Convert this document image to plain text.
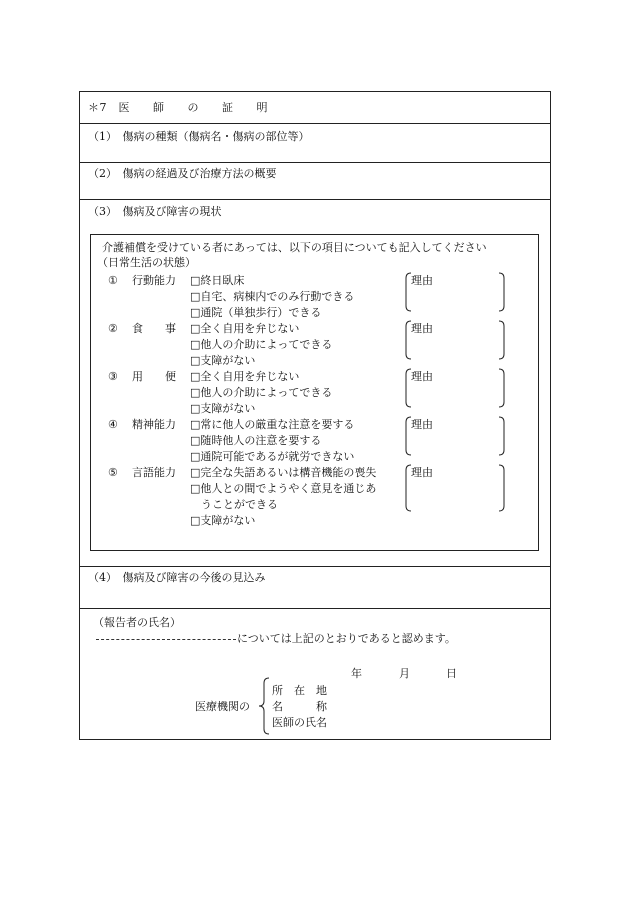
＊7　医　　師　　の　　証　　明
（1）　傷病の種類（傷病名・傷病の部位等）
（2）　傷病の経過及び治療方法の概要
（3）　傷病及び障害の現状
介護補償を受けている者にあっては、以下の項目についても記入してください
（日常生活の状態）
① 行動能力 □終日臥床
□自宅、病棟内でのみ行動できる
□通院（単独歩行）できる
理由
② 食　　事 □全く自用を弁じない
□他人の介助によってできる
□支障がない
理由
③ 用　　便 □全く自用を弁じない
□他人の介助によってできる
□支障がない
理由
④ 精神能力 □常に他人の厳重な注意を要する
□随時他人の注意を要する
□通院可能であるが就労できない
理由
⑤ 言語能力 □完全な失語あるいは構音機能の喪失
□他人との間でようやく意見を通じあ
　うことができる
□支障がない
理由
（4）　傷病及び障害の今後の見込み
（報告者の氏名）
については上記のとおりであると認めます。
年	月	日
医療機関の
所　在　地
名　　　称
医師の氏名
